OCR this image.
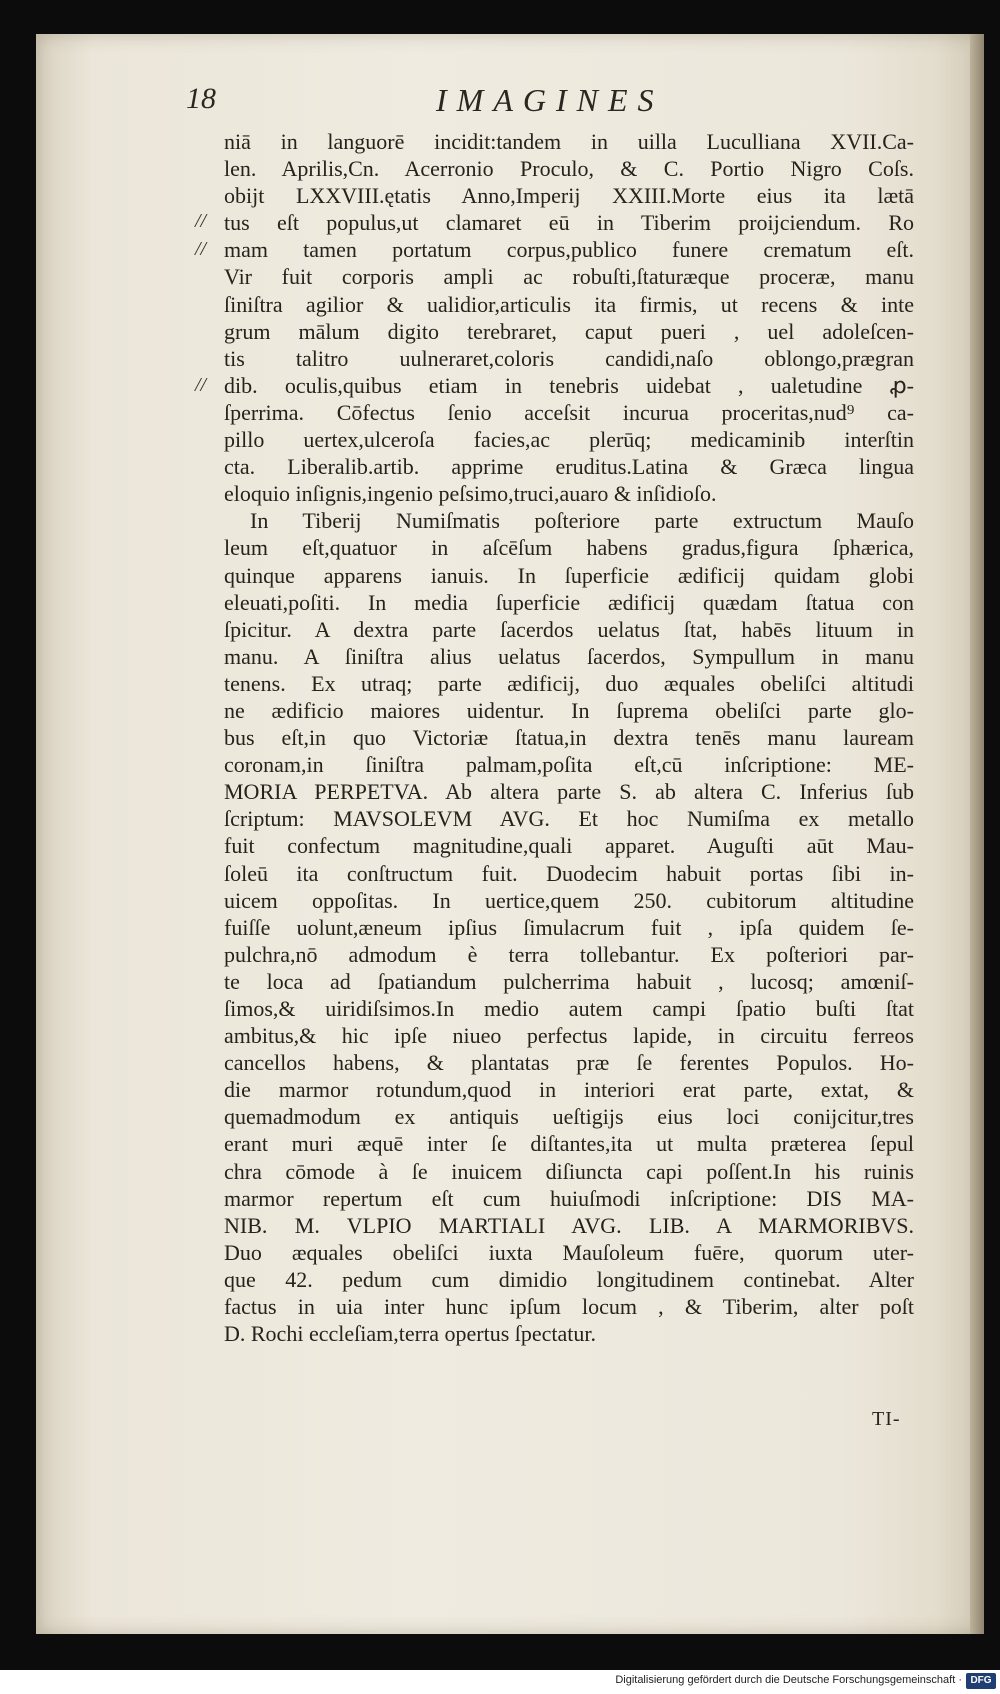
18	IMAGINES
//
//
//
niā in languorē incidit:tandem in uilla Luculliana XVII.Ca-
len. Aprilis,Cn. Acerronio Proculo, & C. Portio Nigro Coſs.
obijt LXXVIII.ętatis Anno,Imperij XXIII.Morte eius ita lætā
tus eſt populus,ut clamaret eū in Tiberim proijciendum. Ro
mam tamen portatum corpus,publico funere crematum eſt.
Vir fuit corporis ampli ac robuſti,ſtaturæque proceræ, manu
ſiniſtra agilior & ualidior,articulis ita firmis, ut recens & inte
grum mālum digito terebraret, caput pueri , uel adoleſcen-
tis talitro uulneraret,coloris candidi,naſo oblongo,prægran
dib. oculis,quibus etiam in tenebris uidebat , ualetudine ꝓ-
ſperrima. Cōfectus ſenio acceſsit incurua proceritas,nud⁹ ca-
pillo uertex,ulceroſa facies,ac plerūq; medicaminib interſtin
cta. Liberalib.artib. apprime eruditus.Latina & Græca lingua
eloquio inſignis,ingenio peſsimo,truci,auaro & inſidioſo.
In Tiberij Numiſmatis poſteriore parte extructum Mauſo
leum eſt,quatuor in aſcēſum habens gradus,figura ſphærica,
quinque apparens ianuis. In ſuperficie ædificij quidam globi
eleuati,poſiti. In media ſuperficie ædificij quædam ſtatua con
ſpicitur. A dextra parte ſacerdos uelatus ſtat, habēs lituum in
manu. A ſiniſtra alius uelatus ſacerdos, Sympullum in manu
tenens. Ex utraq; parte ædificij, duo æquales obeliſci altitudi
ne ædificio maiores uidentur. In ſuprema obeliſci parte glo-
bus eſt,in quo Victoriæ ſtatua,in dextra tenēs manu lauream
coronam,in ſiniſtra palmam,poſita eſt,cū inſcriptione: ME-
MORIA PERPETVA. Ab altera parte S. ab altera C. Inferius ſub
ſcriptum: MAVSOLEVM AVG. Et hoc Numiſma ex metallo
fuit confectum magnitudine,quali apparet. Auguſti aūt Mau-
ſoleū ita conſtructum fuit. Duodecim habuit portas ſibi in-
uicem oppoſitas. In uertice,quem 250. cubitorum altitudine
fuiſſe uolunt,æneum ipſius ſimulacrum fuit , ipſa quidem ſe-
pulchra,nō admodum è terra tollebantur. Ex poſteriori par-
te loca ad ſpatiandum pulcherrima habuit , lucosq; amœniſ-
ſimos,& uiridiſsimos.In medio autem campi ſpatio buſti ſtat
ambitus,& hic ipſe niueo perfectus lapide, in circuitu ferreos
cancellos habens, & plantatas præ ſe ferentes Populos. Ho-
die marmor rotundum,quod in interiori erat parte, extat, &
quemadmodum ex antiquis ueſtigijs eius loci conijcitur,tres
erant muri æquē inter ſe diſtantes,ita ut multa præterea ſepul
chra cōmode à ſe inuicem diſiuncta capi poſſent.In his ruinis
marmor repertum eſt cum huiuſmodi inſcriptione: DIS MA-
NIB. M. VLPIO MARTIALI AVG. LIB. A MARMORIBVS.
Duo æquales obeliſci iuxta Mauſoleum fuēre, quorum uter-
que 42. pedum cum dimidio longitudinem continebat. Alter
factus in uia inter hunc ipſum locum , & Tiberim, alter poſt
D. Rochi eccleſiam,terra opertus ſpectatur.
TI-
Digitalisierung gefördert durch die Deutsche Forschungsgemeinschaft · DFG
